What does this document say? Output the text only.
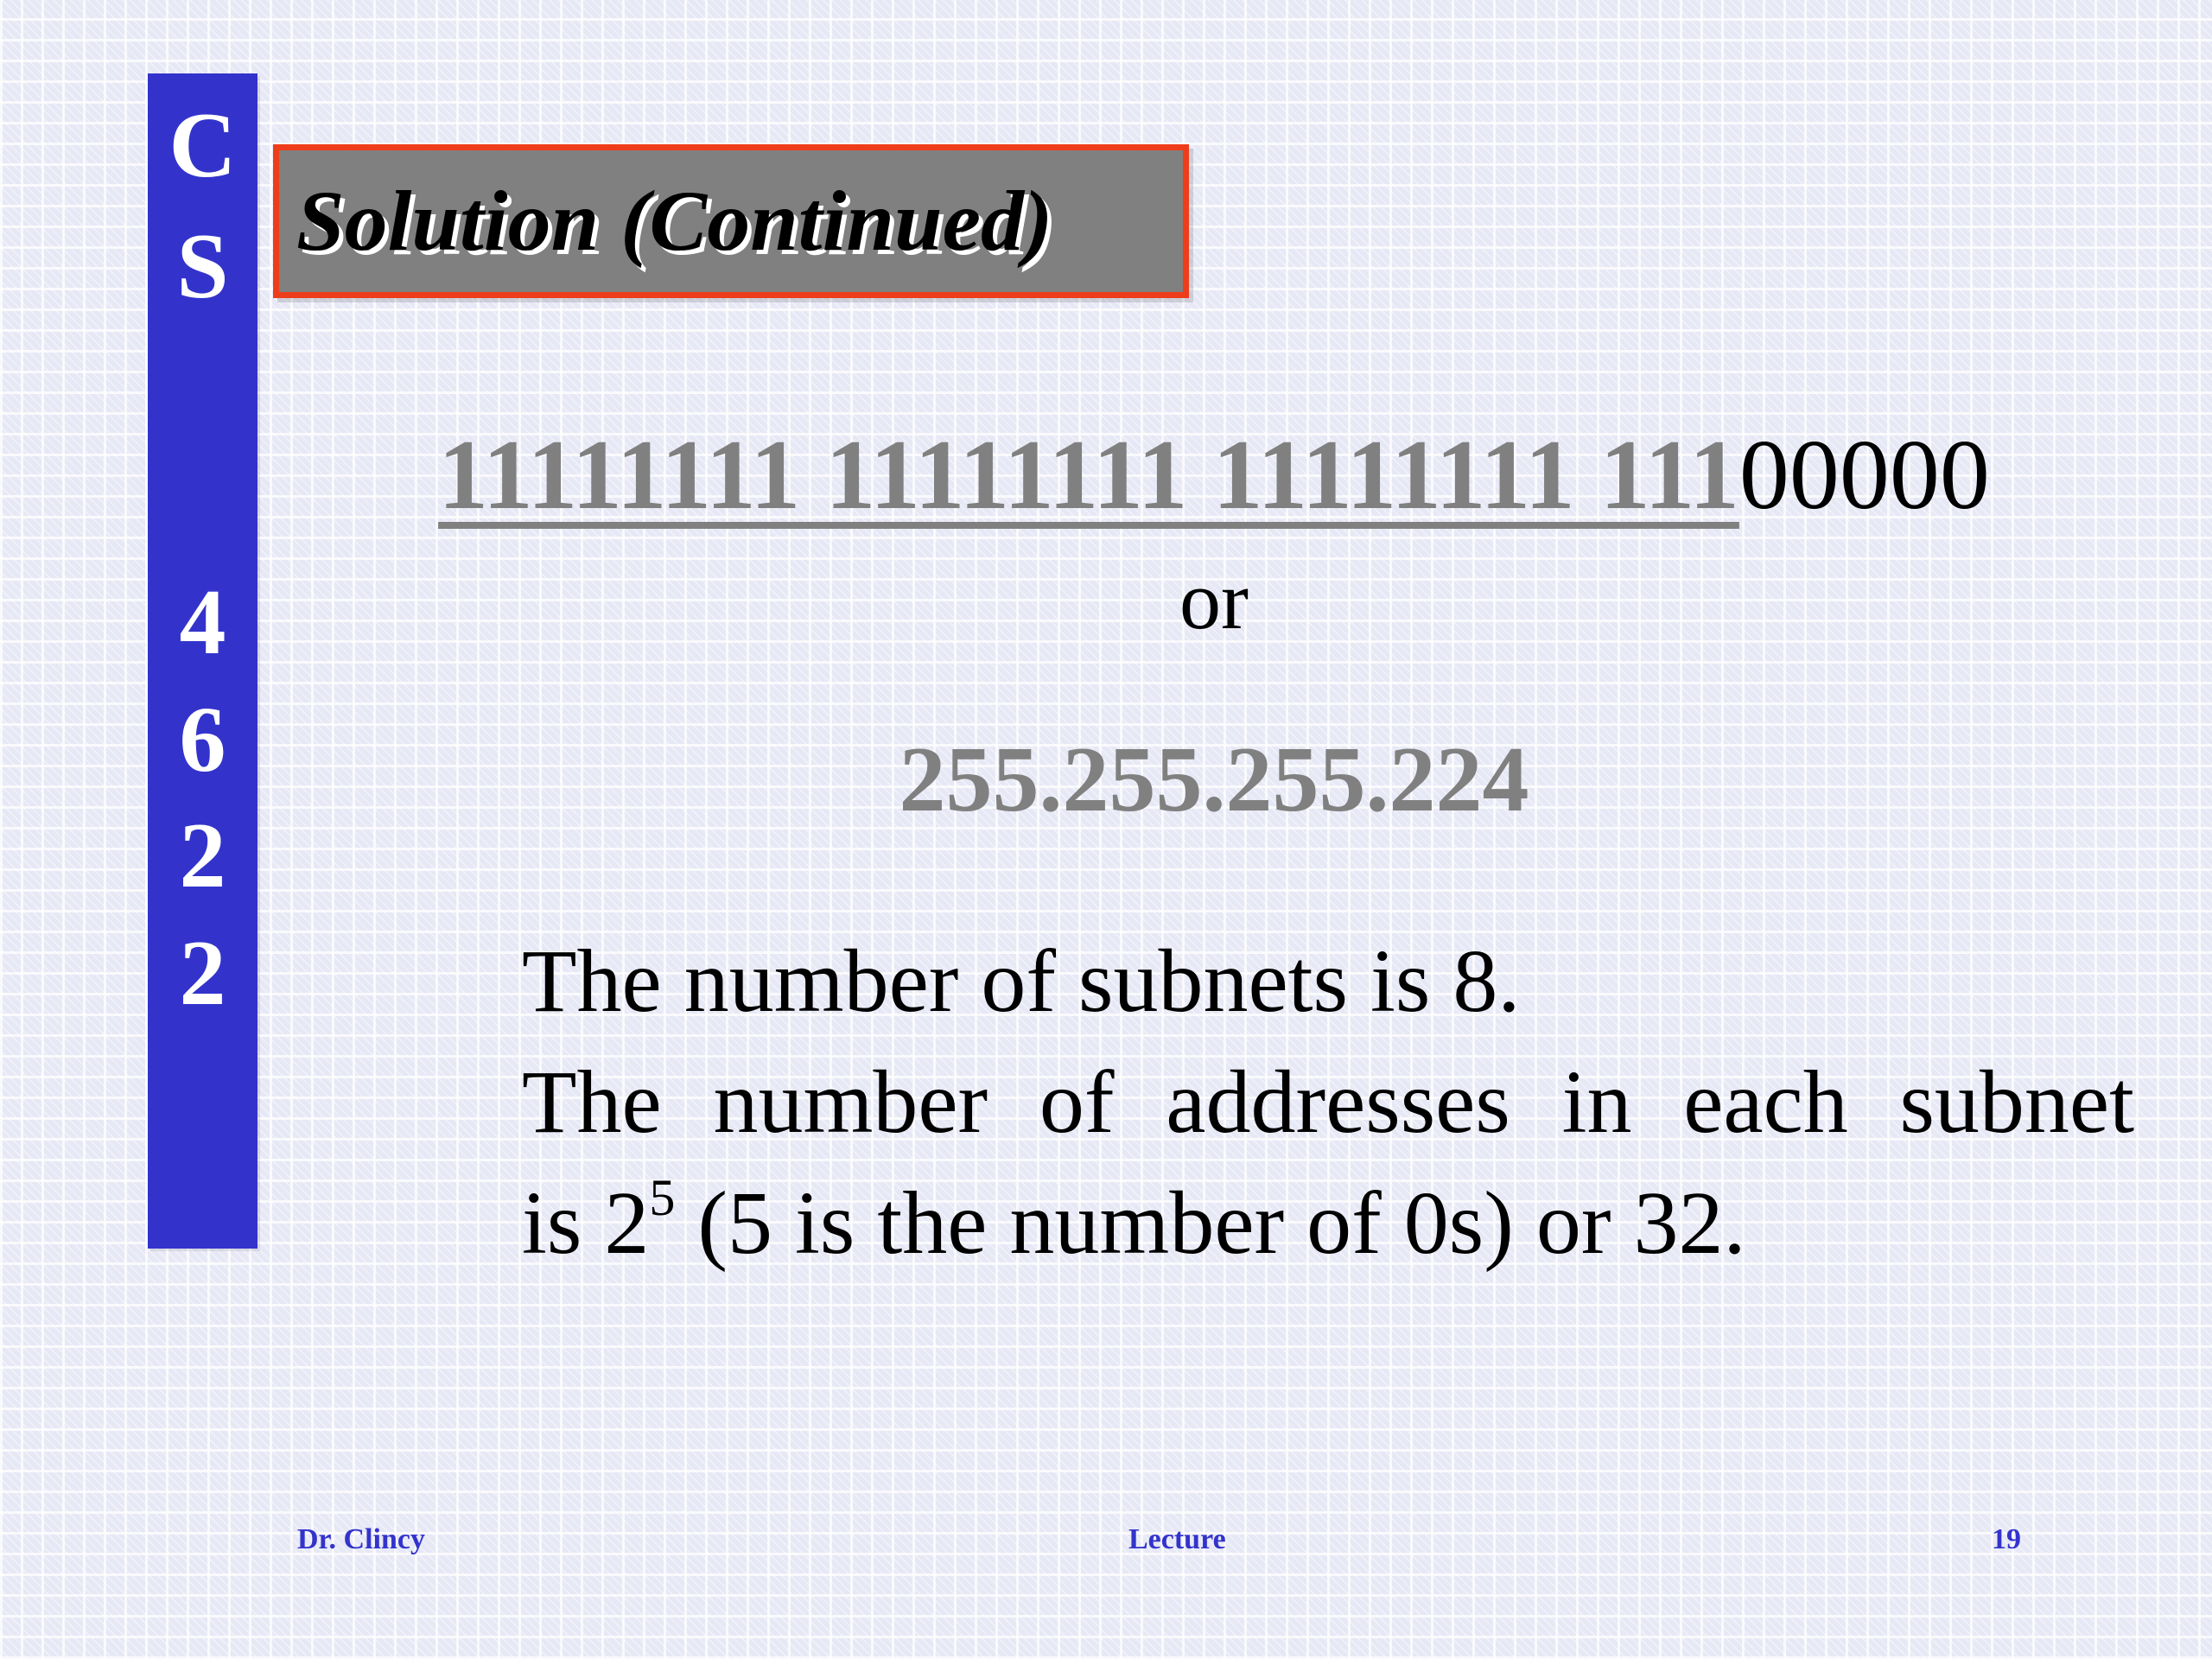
C
S
4
6
2
2
Solution (Continued)
11111111 11111111 11111111 11100000
or
255.255.255.224
The number of subnets is 8.
The number of addresses in each subnet
is $2^5$ (5 is the number of 0s) or 32.
Dr. Clincy	Lecture	19
